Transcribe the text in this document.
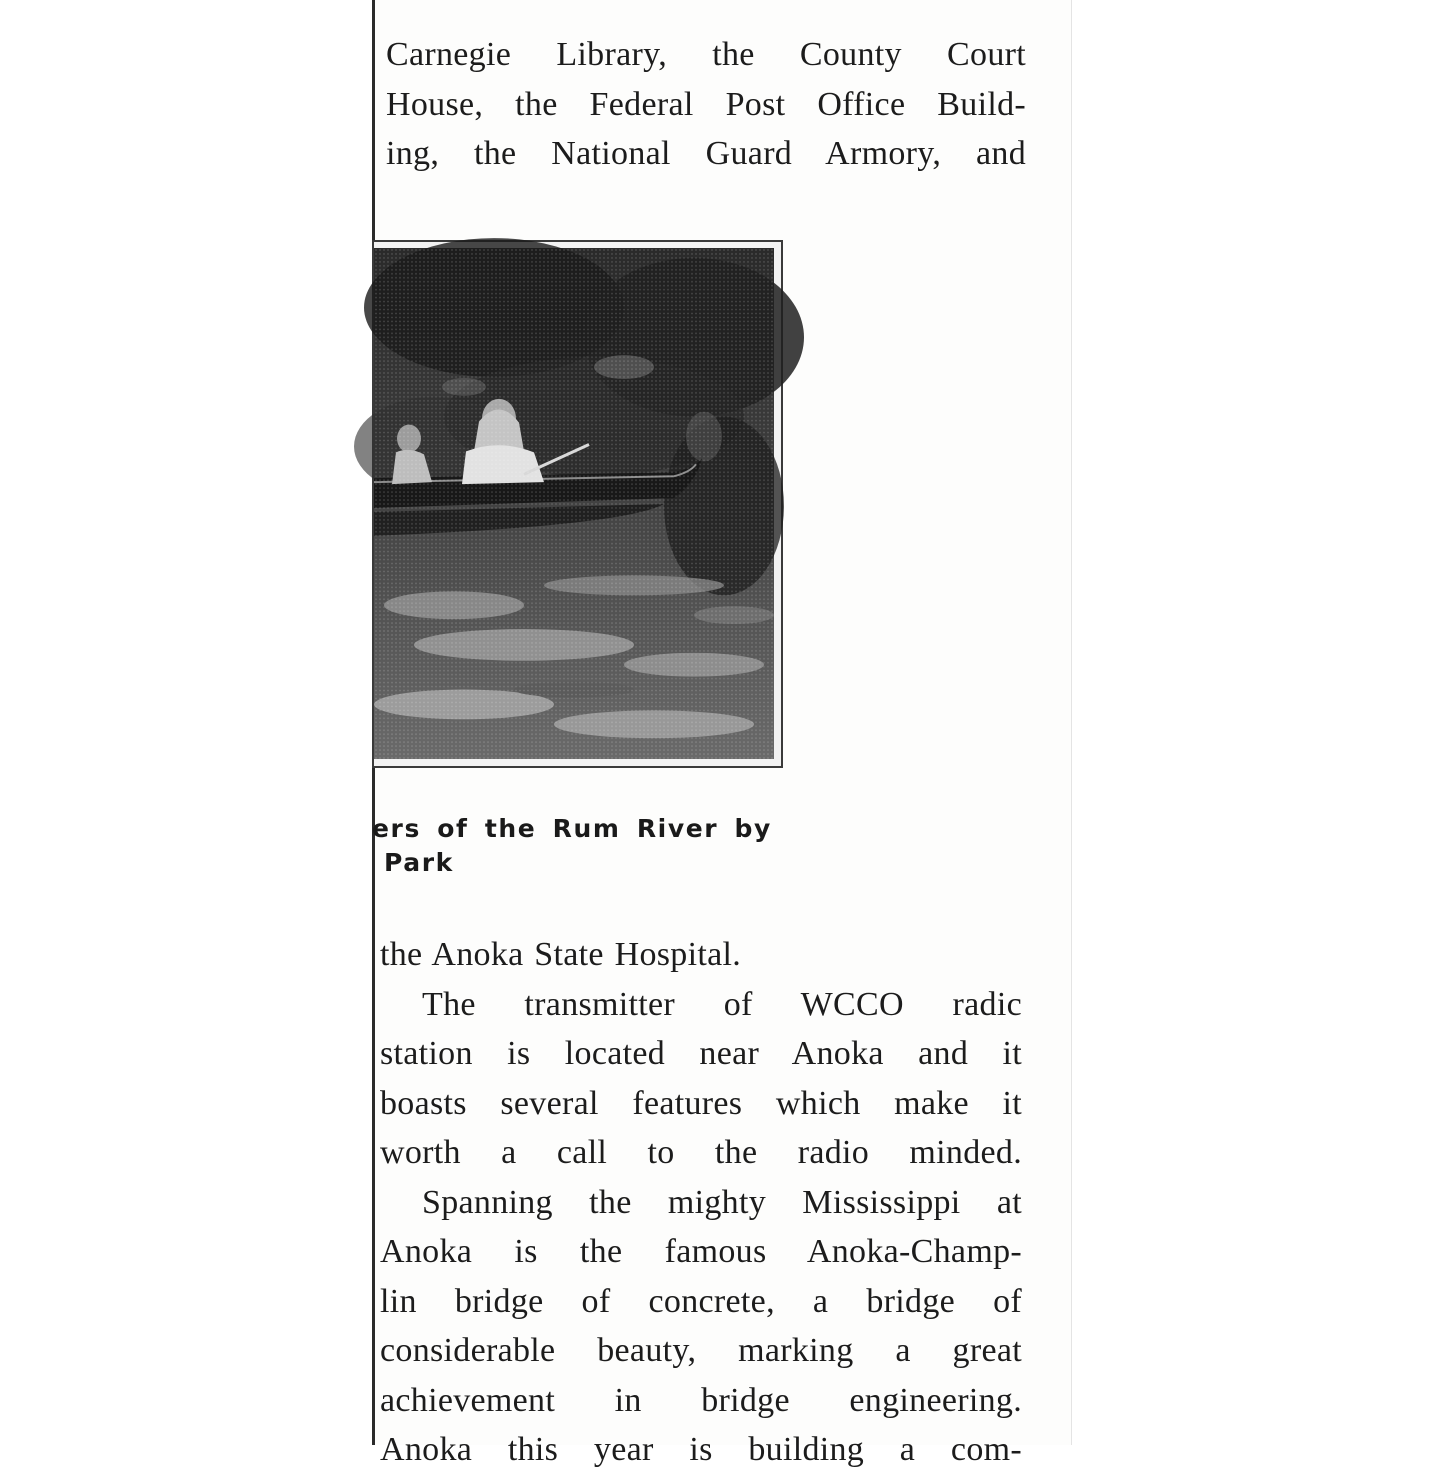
Carnegie Library, the County Court
House, the Federal Post Office Build-
ing, the National Guard Armory, and

ers of the Rum River by
Park
the Anoka State Hospital.
The transmitter of WCCO radic
station is located near Anoka and it
boasts several features which make it
worth a call to the radio minded.
Spanning the mighty Mississippi at
Anoka is the famous Anoka-Champ-
lin bridge of concrete, a bridge of
considerable beauty, marking a great
achievement in bridge engineering.
Anoka this year is building a com-
